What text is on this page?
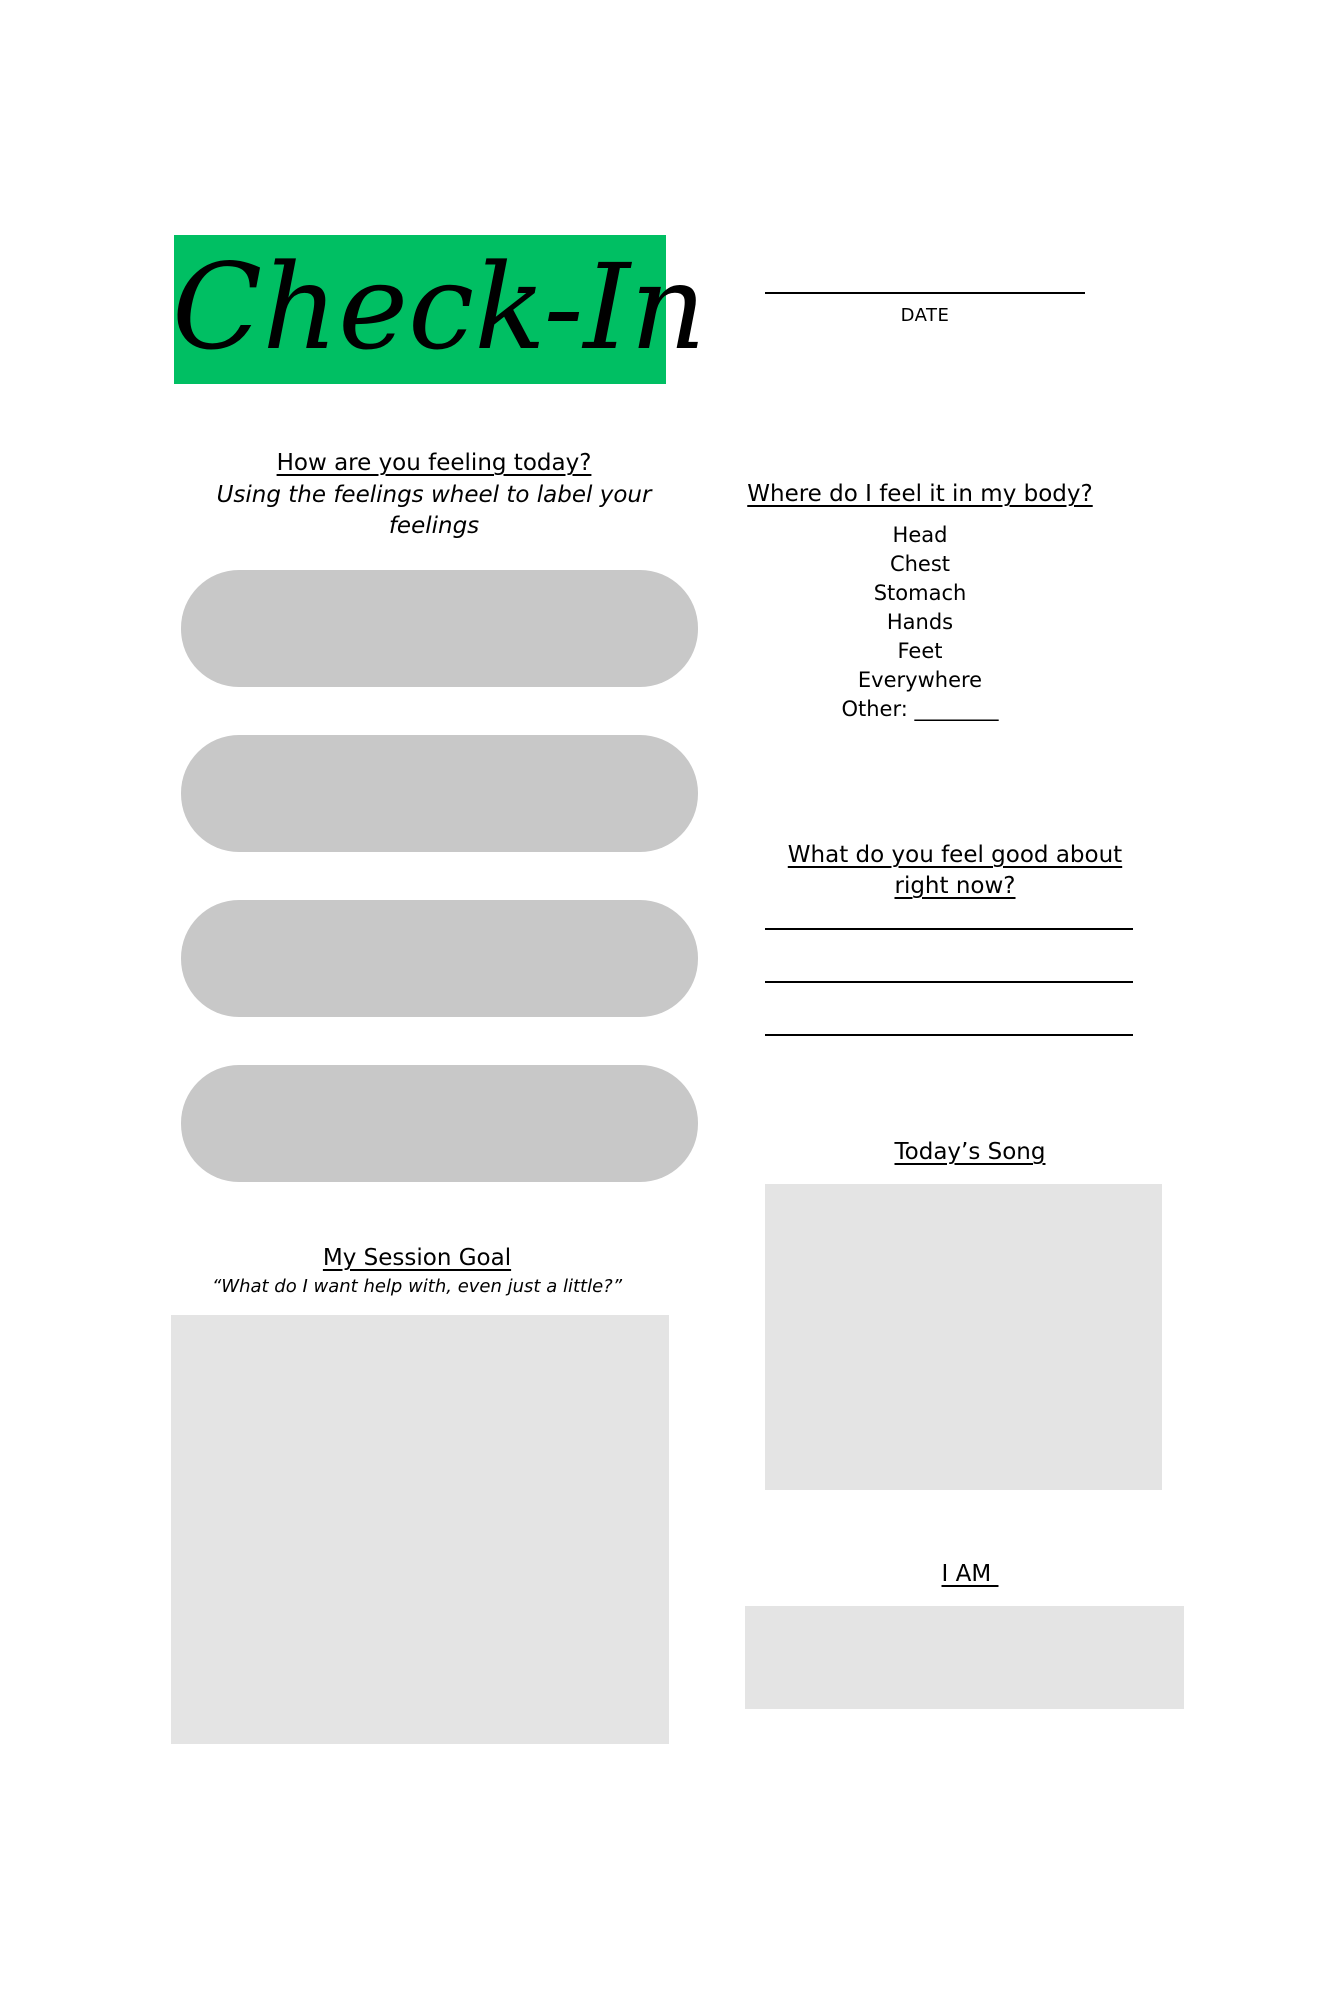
Check-In	DATE
How are you feeling today?
Using the feelings wheel to label your feelings
Where do I feel it in my body?
Head
Chest
Stomach
Hands
Feet
Everywhere
Other: ________
What do you feel good about right now?
Today’s Song
My Session Goal
“What do I want help with, even just a little?”
I AM
